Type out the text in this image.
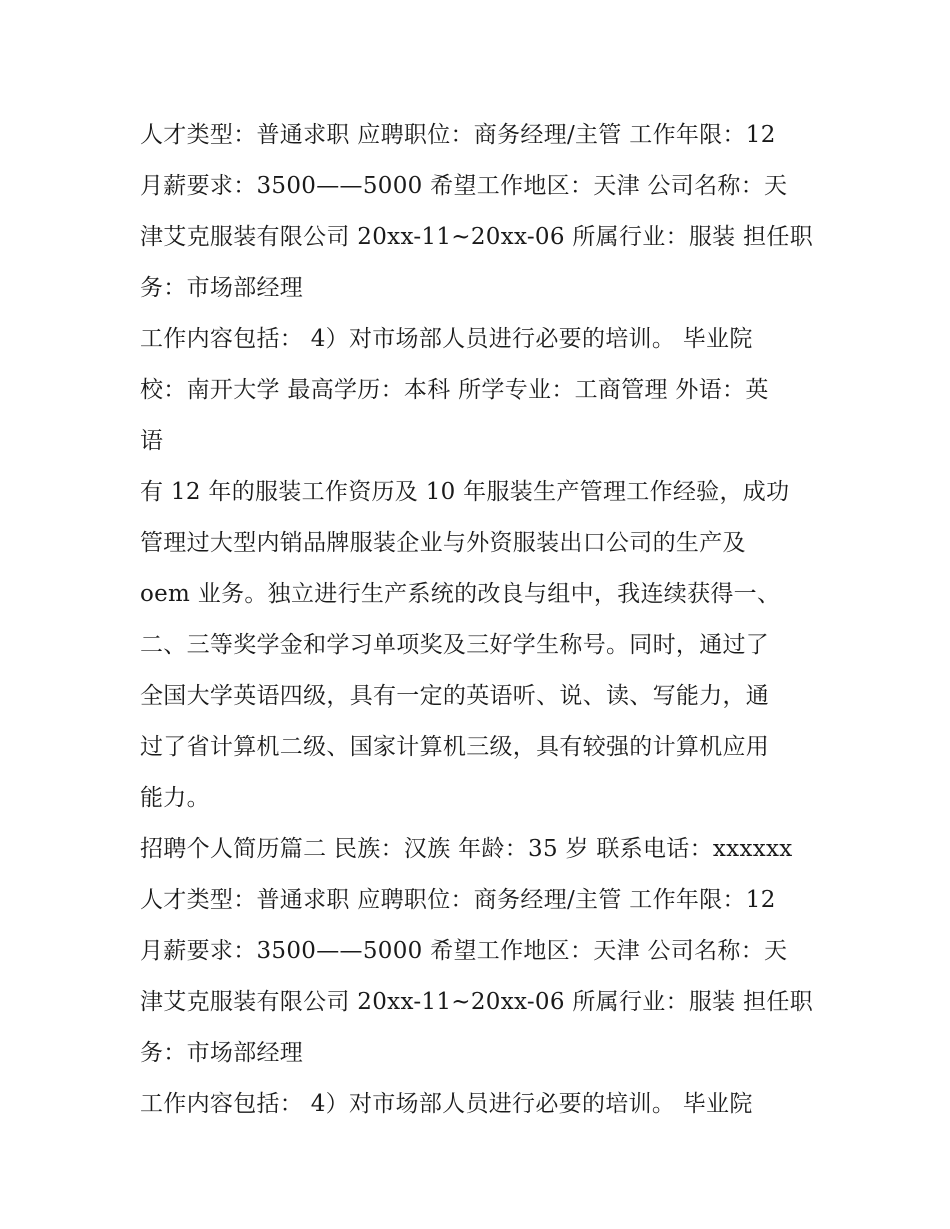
人才类型：普通求职 应聘职位：商务经理/主管 工作年限：12
月薪要求：3500——5000 希望工作地区：天津 公司名称：天
津艾克服装有限公司 20xx-11~20xx-06 所属行业：服装 担任职
务：市场部经理
工作内容包括： 4）对市场部人员进行必要的培训。 毕业院
校：南开大学 最高学历：本科 所学专业：工商管理 外语：英
语
有 12 年的服装工作资历及 10 年服装生产管理工作经验，成功
管理过大型内销品牌服装企业与外资服装出口公司的生产及
oem 业务。独立进行生产系统的改良与组中，我连续获得一、
二、三等奖学金和学习单项奖及三好学生称号。同时，通过了
全国大学英语四级，具有一定的英语听、说、读、写能力，通
过了省计算机二级、国家计算机三级，具有较强的计算机应用
能力。
招聘个人简历篇二 民族：汉族 年龄：35 岁 联系电话：xxxxxx
人才类型：普通求职 应聘职位：商务经理/主管 工作年限：12
月薪要求：3500——5000 希望工作地区：天津 公司名称：天
津艾克服装有限公司 20xx-11~20xx-06 所属行业：服装 担任职
务：市场部经理
工作内容包括： 4）对市场部人员进行必要的培训。 毕业院
